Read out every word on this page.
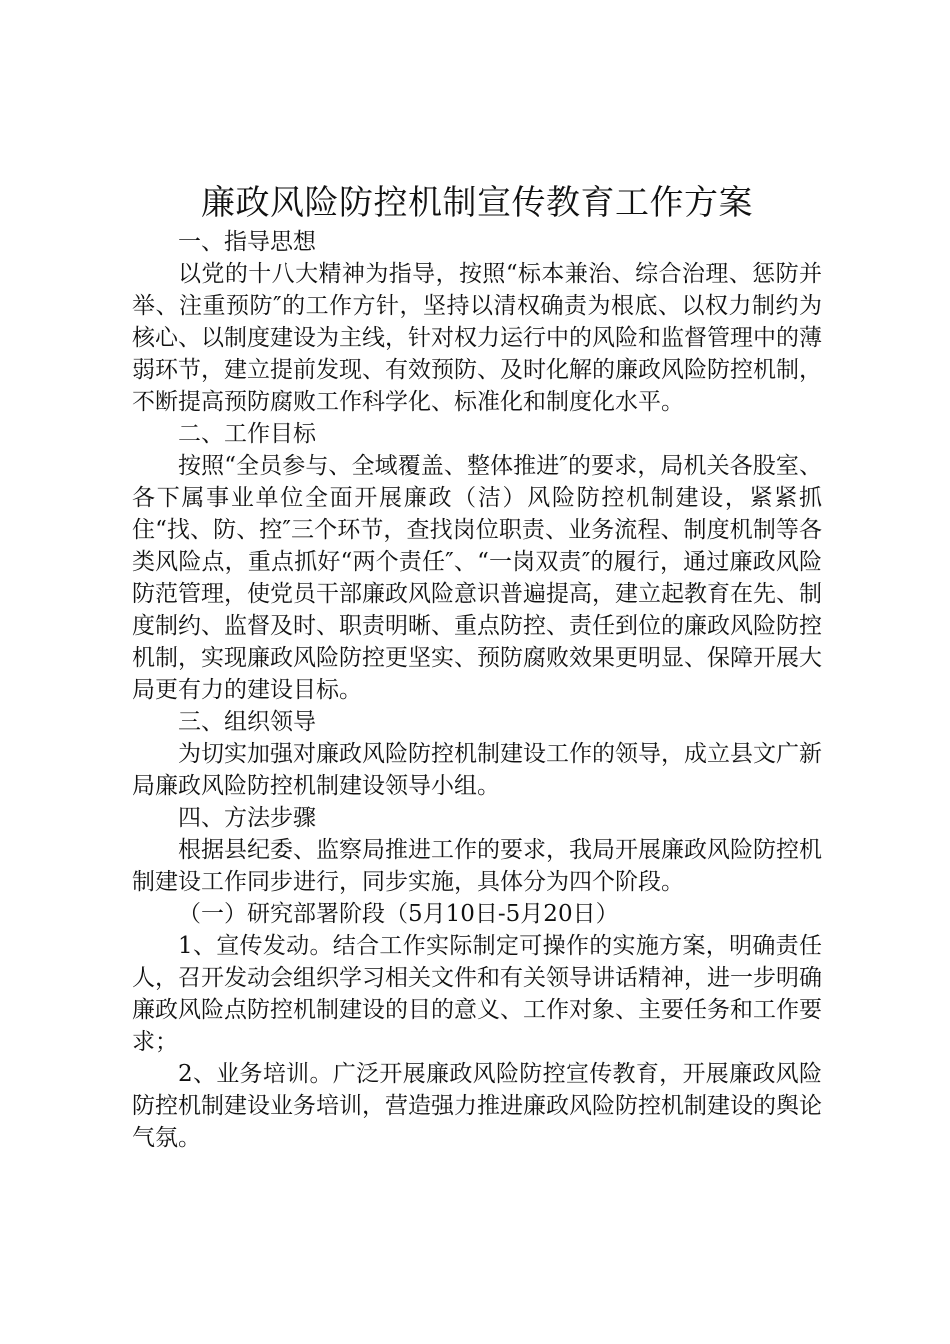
廉政风险防控机制宣传教育工作方案

一、指导思想

以党的十八大精神为指导，按照“标本兼治、综合治理、惩防并举、注重预防″的工作方针，坚持以清权确责为根底、以权力制约为核心、以制度建设为主线，针对权力运行中的风险和监督管理中的薄弱环节，建立提前发现、有效预防、及时化解的廉政风险防控机制，不断提高预防腐败工作科学化、标准化和制度化水平。

二、工作目标

按照“全员参与、全域覆盖、整体推进″的要求，局机关各股室、各下属事业单位全面开展廉政（洁）风险防控机制建设，紧紧抓住“找、防、控″三个环节，查找岗位职责、业务流程、制度机制等各类风险点，重点抓好“两个责任″、“一岗双责″的履行，通过廉政风险防范管理，使党员干部廉政风险意识普遍提高，建立起教育在先、制度制约、监督及时、职责明晰、重点防控、责任到位的廉政风险防控机制，实现廉政风险防控更坚实、预防腐败效果更明显、保障开展大局更有力的建设目标。

三、组织领导

为切实加强对廉政风险防控机制建设工作的领导，成立县文广新局廉政风险防控机制建设领导小组。

四、方法步骤

根据县纪委、监察局推进工作的要求，我局开展廉政风险防控机制建设工作同步进行，同步实施，具体分为四个阶段。

（一）研究部署阶段（5月10日-5月20日）

1、宣传发动。结合工作实际制定可操作的实施方案，明确责任人，召开发动会组织学习相关文件和有关领导讲话精神，进一步明确廉政风险点防控机制建设的目的意义、工作对象、主要任务和工作要求；

2、业务培训。广泛开展廉政风险防控宣传教育，开展廉政风险防控机制建设业务培训，营造强力推进廉政风险防控机制建设的舆论气氛。
